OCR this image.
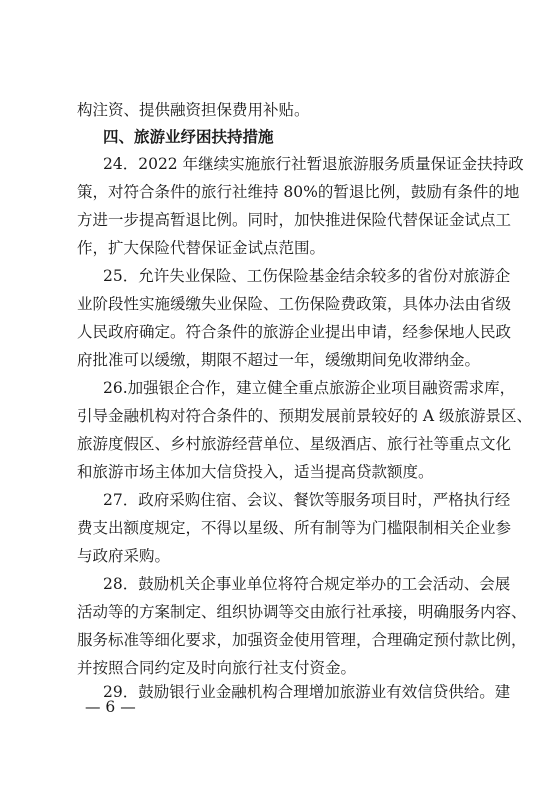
构注资、提供融资担保费用补贴。
四、旅游业纾困扶持措施
24．2022 年继续实施旅行社暂退旅游服务质量保证金扶持政
策，对符合条件的旅行社维持 80%的暂退比例，鼓励有条件的地
方进一步提高暂退比例。同时，加快推进保险代替保证金试点工
作，扩大保险代替保证金试点范围。
25．允许失业保险、工伤保险基金结余较多的省份对旅游企
业阶段性实施缓缴失业保险、工伤保险费政策，具体办法由省级
人民政府确定。符合条件的旅游企业提出申请，经参保地人民政
府批准可以缓缴，期限不超过一年，缓缴期间免收滞纳金。
26.加强银企合作，建立健全重点旅游企业项目融资需求库，
引导金融机构对符合条件的、预期发展前景较好的 A 级旅游景区、
旅游度假区、乡村旅游经营单位、星级酒店、旅行社等重点文化
和旅游市场主体加大信贷投入，适当提高贷款额度。
27．政府采购住宿、会议、餐饮等服务项目时，严格执行经
费支出额度规定，不得以星级、所有制等为门槛限制相关企业参
与政府采购。
28．鼓励机关企事业单位将符合规定举办的工会活动、会展
活动等的方案制定、组织协调等交由旅行社承接，明确服务内容、
服务标准等细化要求，加强资金使用管理，合理确定预付款比例，
并按照合同约定及时向旅行社支付资金。
29．鼓励银行业金融机构合理增加旅游业有效信贷供给。建
— 6 —
